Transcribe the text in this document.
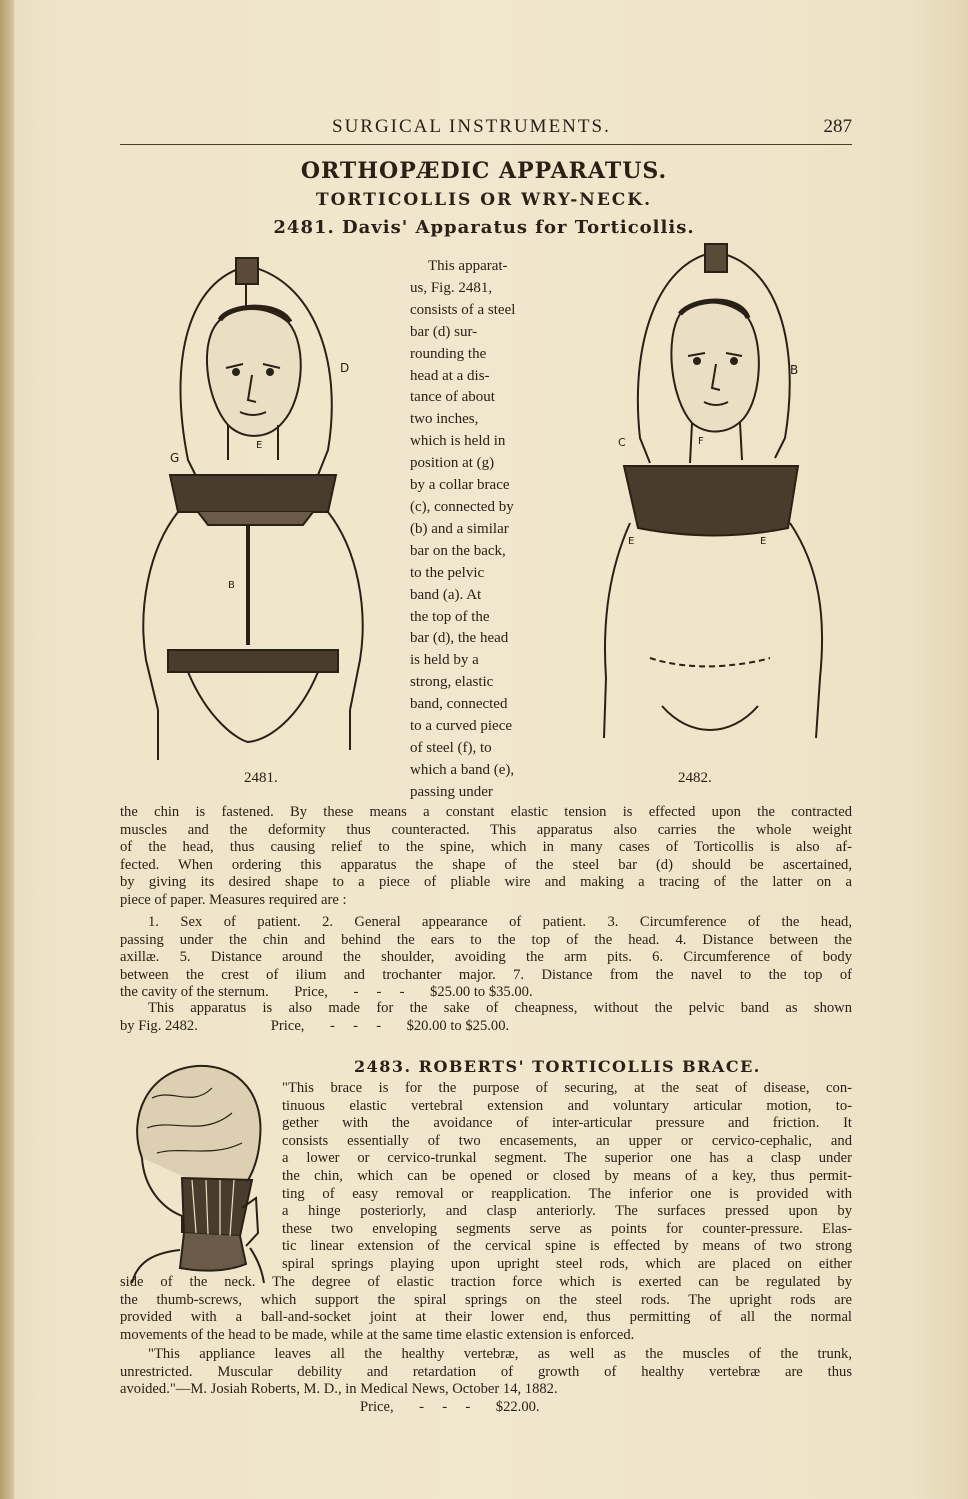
SURGICAL INSTRUMENTS.	287
ORTHOPÆDIC APPARATUS.
TORTICOLLIS OR WRY-NECK.
2481. Davis' Apparatus for Torticollis.
D
G
E
B
2481.
This apparat-
us, Fig. 2481,
consists of a steel
bar (d) sur-
rounding the
head at a dis-
tance of about
two inches,
which is held in
position at (g)
by a collar brace
(c), connected by
(b) and a similar
bar on the back,
to the pelvic
band (a). At
the top of the
bar (d), the head
is held by a
strong, elastic
band, connected
to a curved piece
of steel (f), to
which a band (e),
passing under
B
C	F
E	E
2482.
the chin is fastened. By these means a constant elastic tension is effected upon the contracted
muscles and the deformity thus counteracted. This apparatus also carries the whole weight
of the head, thus causing relief to the spine, which in many cases of Torticollis is also af-
fected. When ordering this apparatus the shape of the steel bar (d) should be ascertained,
by giving its desired shape to a piece of pliable wire and making a tracing of the latter on a
piece of paper. Measures required are :
1. Sex of patient. 2. General appearance of patient. 3. Circumference of the head,
passing under the chin and behind the ears to the top of the head. 4. Distance between the
axillæ. 5. Distance around the shoulder, avoiding the arm pits. 6. Circumference of body
between the crest of ilium and trochanter major. 7. Distance from the navel to the top of
the cavity of the sternum.       Price,       -     -     -       $25.00 to $35.00.
This apparatus is also made for the sake of cheapness, without the pelvic band as shown
by Fig. 2482.                    Price,       -     -     -       $20.00 to $25.00.
2483. ROBERTS' TORTICOLLIS BRACE.
"This brace is for the purpose of securing, at the seat of disease, con-
tinuous elastic vertebral extension and voluntary articular motion, to-
gether with the avoidance of inter-articular pressure and friction. It
consists essentially of two encasements, an upper or cervico-cephalic, and
a lower or cervico-trunkal segment. The superior one has a clasp under
the chin, which can be opened or closed by means of a key, thus permit-
ting of easy removal or reapplication. The inferior one is provided with
a hinge posteriorly, and clasp anteriorly. The surfaces pressed upon by
these two enveloping segments serve as points for counter-pressure. Elas-
tic linear extension of the cervical spine is effected by means of two strong
spiral springs playing upon upright steel rods, which are placed on either
side of the neck. The degree of elastic traction force which is exerted can be regulated by
the thumb-screws, which support the spiral springs on the steel rods. The upright rods are
provided with a ball-and-socket joint at their lower end, thus permitting of all the normal
movements of the head to be made, while at the same time elastic extension is enforced.
"This appliance leaves all the healthy vertebræ, as well as the muscles of the trunk,
unrestricted. Muscular debility and retardation of growth of healthy vertebræ are thus
avoided."—M. Josiah Roberts, M. D., in Medical News, October 14, 1882.
Price,       -     -     -       $22.00.
